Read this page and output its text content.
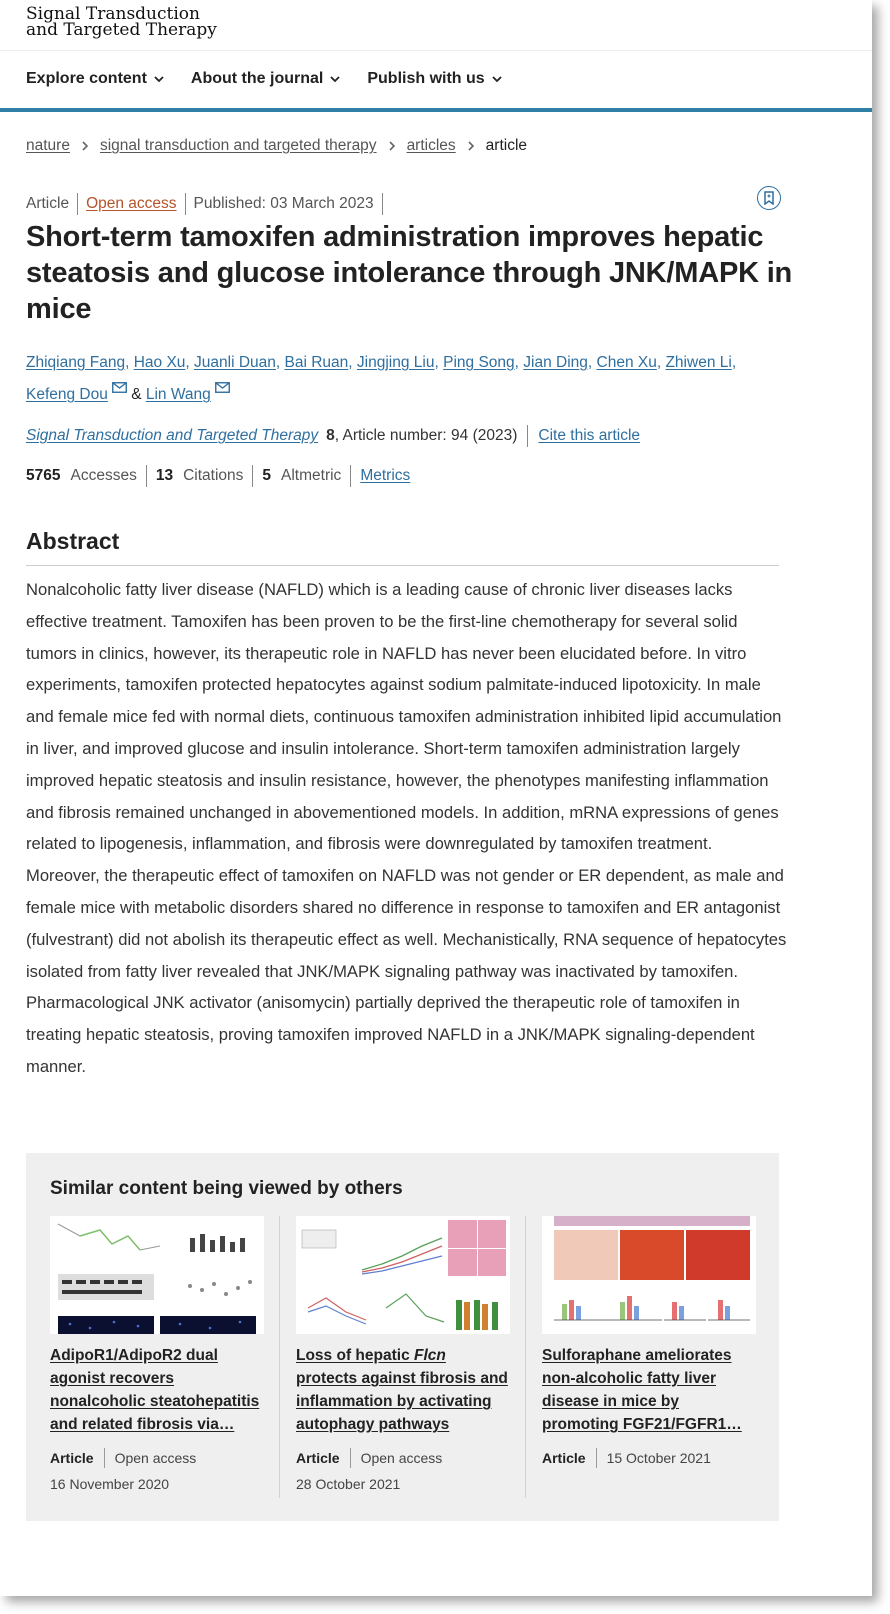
Signal Transduction
and Targeted Therapy
Explore content	About the journal	Publish with us
nature signal transduction and targeted therapy articles article
Article Open access Published: 03 March 2023
Short-term tamoxifen administration improves hepatic steatosis and glucose intolerance through JNK/MAPK in mice
Zhiqiang Fang, Hao Xu, Juanli Duan, Bai Ruan, Jingjing Liu, Ping Song, Jian Ding, Chen Xu, Zhiwen Li,
Kefeng Dou & Lin Wang
Signal Transduction and Targeted Therapy 8 , Article number: 94 (2023) Cite this article
5765 Accesses 13 Citations 5 Altmetric Metrics
Abstract

Nonalcoholic fatty liver disease (NAFLD) which is a leading cause of chronic liver diseases lacks effective treatment. Tamoxifen has been proven to be the first-line chemotherapy for several solid tumors in clinics, however, its therapeutic role in NAFLD has never been elucidated before. In vitro experiments, tamoxifen protected hepatocytes against sodium palmitate-induced lipotoxicity. In male and female mice fed with normal diets, continuous tamoxifen administration inhibited lipid accumulation in liver, and improved glucose and insulin intolerance. Short-term tamoxifen administration largely improved hepatic steatosis and insulin resistance, however, the phenotypes manifesting inflammation and fibrosis remained unchanged in abovementioned models. In addition, mRNA expressions of genes related to lipogenesis, inflammation, and fibrosis were downregulated by tamoxifen treatment. Moreover, the therapeutic effect of tamoxifen on NAFLD was not gender or ER dependent, as male and female mice with metabolic disorders shared no difference in response to tamoxifen and ER antagonist (fulvestrant) did not abolish its therapeutic effect as well. Mechanistically, RNA sequence of hepatocytes isolated from fatty liver revealed that JNK/MAPK signaling pathway was inactivated by tamoxifen. Pharmacological JNK activator (anisomycin) partially deprived the therapeutic role of tamoxifen in treating hepatic steatosis, proving tamoxifen improved NAFLD in a JNK/MAPK signaling-dependent manner.

Similar content being viewed by others
AdipoR1/AdipoR2 dual agonist recovers nonalcoholic steatohepatitis and related fibrosis via…
Article Open access
16 November 2020
Loss of hepatic Flcn protects against fibrosis and inflammation by activating autophagy pathways
Article Open access
28 October 2021
Sulforaphane ameliorates non-alcoholic fatty liver disease in mice by promoting FGF21/FGFR1…
Article 15 October 2021
